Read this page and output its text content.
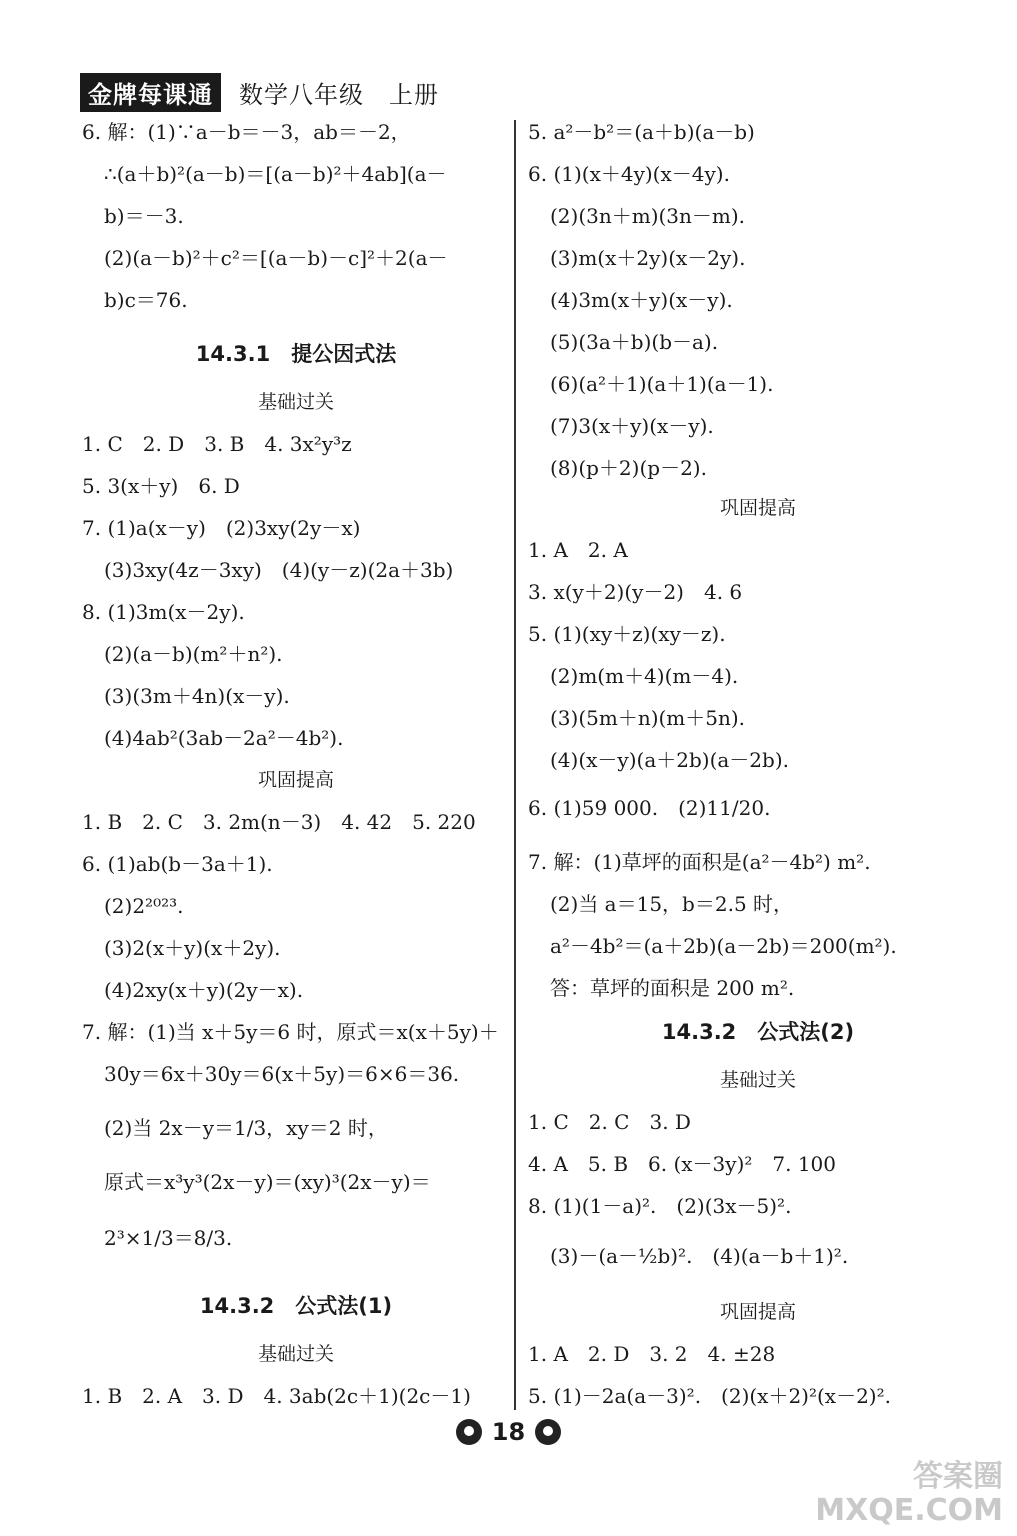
金牌每课通	数学八年级　上册
6. 解：(1)∵a－b＝－3，ab＝－2，
∴(a＋b)²(a－b)＝[(a－b)²＋4ab](a－
b)＝－3.
(2)(a－b)²＋c²＝[(a－b)－c]²＋2(a－
b)c＝76.
14.3.1　提公因式法
基础过关
1. C　2. D　3. B　4. 3x²y³z
5. 3(x＋y)　6. D
7. (1)a(x－y)　(2)3xy(2y－x)
(3)3xy(4z－3xy)　(4)(y－z)(2a＋3b)
8. (1)3m(x－2y).
(2)(a－b)(m²＋n²).
(3)(3m＋4n)(x－y).
(4)4ab²(3ab－2a²－4b²).
巩固提高
1. B　2. C　3. 2m(n－3)　4. 42　5. 220
6. (1)ab(b－3a＋1).
(2)2²⁰²³.
(3)2(x＋y)(x＋2y).
(4)2xy(x＋y)(2y－x).
7. 解：(1)当 x＋5y＝6 时，原式＝x(x＋5y)＋
30y＝6x＋30y＝6(x＋5y)＝6×6＝36.
(2)当 2x－y＝1/3，xy＝2 时，
原式＝x³y³(2x－y)＝(xy)³(2x－y)＝
2³×1/3＝8/3.
14.3.2　公式法(1)
基础过关
1. B　2. A　3. D　4. 3ab(2c＋1)(2c－1)
5. a²－b²＝(a＋b)(a－b)
6. (1)(x＋4y)(x－4y).
(2)(3n＋m)(3n－m).
(3)m(x＋2y)(x－2y).
(4)3m(x＋y)(x－y).
(5)(3a＋b)(b－a).
(6)(a²＋1)(a＋1)(a－1).
(7)3(x＋y)(x－y).
(8)(p＋2)(p－2).
巩固提高
1. A　2. A
3. x(y＋2)(y－2)　4. 6
5. (1)(xy＋z)(xy－z).
(2)m(m＋4)(m－4).
(3)(5m＋n)(m＋5n).
(4)(x－y)(a＋2b)(a－2b).
6. (1)59 000.　(2)11/20.
7. 解：(1)草坪的面积是(a²－4b²) m².
(2)当 a＝15，b＝2.5 时，
a²－4b²＝(a＋2b)(a－2b)＝200(m²).
答：草坪的面积是 200 m².
14.3.2　公式法(2)
基础过关
1. C　2. C　3. D
4. A　5. B　6. (x－3y)²　7. 100
8. (1)(1－a)².　(2)(3x－5)².
(3)－(a－½b)².　(4)(a－b＋1)².
巩固提高
1. A　2. D　3. 2　4. ±28
5. (1)－2a(a－3)².　(2)(x＋2)²(x－2)².
18
答案圈
MXQE.COM
